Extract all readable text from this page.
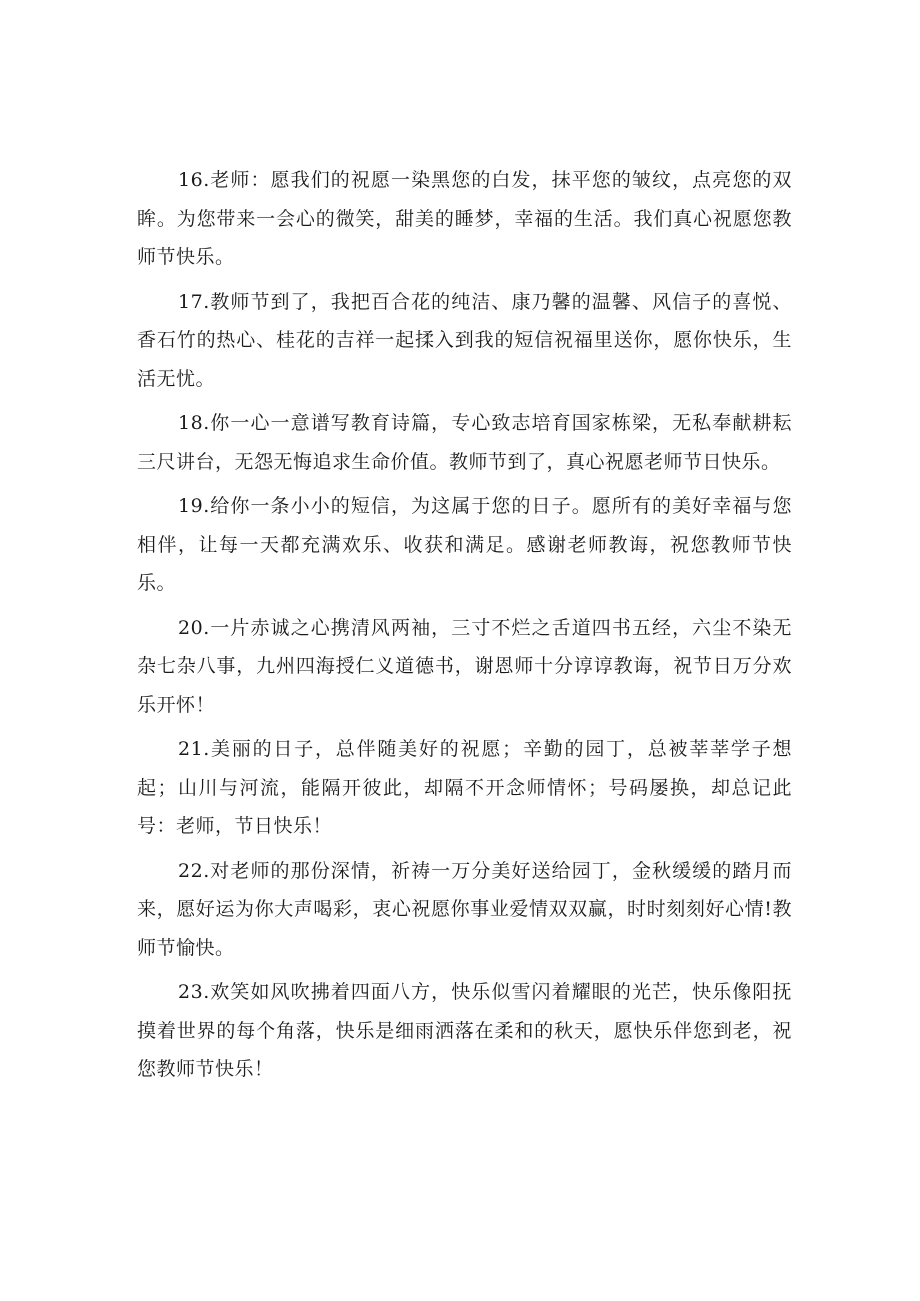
16.老师：愿我们的祝愿一染黑您的白发，抹平您的皱纹，点亮您的双眸。为您带来一会心的微笑，甜美的睡梦，幸福的生活。我们真心祝愿您教师节快乐。

17.教师节到了，我把百合花的纯洁、康乃馨的温馨、风信子的喜悦、香石竹的热心、桂花的吉祥一起揉入到我的短信祝福里送你，愿你快乐，生活无忧。

18.你一心一意谱写教育诗篇，专心致志培育国家栋梁，无私奉献耕耘三尺讲台，无怨无悔追求生命价值。教师节到了，真心祝愿老师节日快乐。

19.给你一条小小的短信，为这属于您的日子。愿所有的美好幸福与您相伴，让每一天都充满欢乐、收获和满足。感谢老师教诲，祝您教师节快乐。

20.一片赤诚之心携清风两袖，三寸不烂之舌道四书五经，六尘不染无杂七杂八事，九州四海授仁义道德书，谢恩师十分谆谆教诲，祝节日万分欢乐开怀！

21.美丽的日子，总伴随美好的祝愿；辛勤的园丁，总被莘莘学子想起；山川与河流，能隔开彼此，却隔不开念师情怀；号码屡换，却总记此号：老师，节日快乐！

22.对老师的那份深情，祈祷一万分美好送给园丁，金秋缓缓的踏月而来，愿好运为你大声喝彩，衷心祝愿你事业爱情双双赢，时时刻刻好心情!教师节愉快。

23.欢笑如风吹拂着四面八方，快乐似雪闪着耀眼的光芒，快乐像阳抚摸着世界的每个角落，快乐是细雨洒落在柔和的秋天，愿快乐伴您到老，祝您教师节快乐！
